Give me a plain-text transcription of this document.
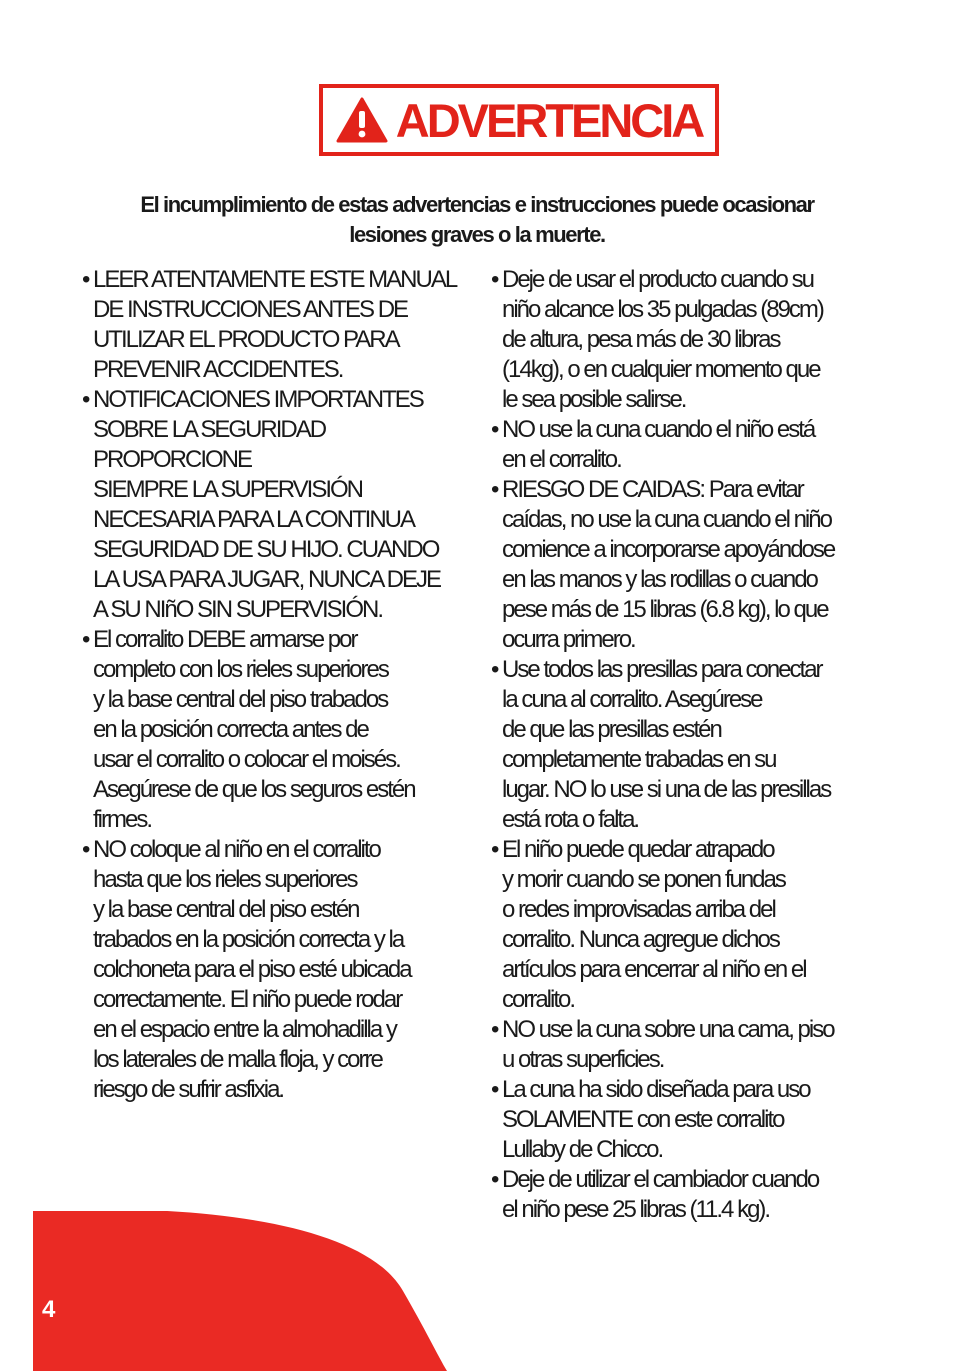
ADVERTENCIA
El incumplimiento de estas advertencias e instrucciones puede ocasionar
lesiones graves o la muerte.
• LEER ATENTAMENTE ESTE MANUAL
DE INSTRUCCIONES ANTES DE
UTILIZAR EL PRODUCTO PARA
PREVENIR ACCIDENTES.
• NOTIFICACIONES IMPORTANTES
SOBRE LA SEGURIDAD
PROPORCIONE
SIEMPRE LA SUPERVISIÓN
NECESARIA PARA LA CONTINUA
SEGURIDAD DE SU HIJO. CUANDO
LA USA PARA JUGAR, NUNCA DEJE
A SU NIñO SIN SUPERVISIÓN.
• El corralito DEBE armarse por
completo con los rieles superiores
y la base central del piso trabados
en la posición correcta antes de
usar el corralito o colocar el moisés.
Asegúrese de que los seguros estén
firmes.
• NO coloque al niño en el corralito
hasta que los rieles superiores
y la base central del piso estén
trabados en la posición correcta y la
colchoneta para el piso esté ubicada
correctamente. El niño puede rodar
en el espacio entre la almohadilla y
los laterales de malla floja, y corre
riesgo de sufrir asfixia.
• Deje de usar el producto cuando su
niño alcance los 35 pulgadas (89cm)
de altura, pesa más de 30 libras
(14kg), o en cualquier momento que
le sea posible salirse.
• NO use la cuna cuando el niño está
en el corralito.
• RIESGO DE CAIDAS: Para evitar
caídas, no use la cuna cuando el niño
comience a incorporarse apoyándose
en las manos y las rodillas o cuando
pese más de 15 libras (6.8 kg), lo que
ocurra primero.
• Use todos las presillas para conectar
la cuna al corralito. Asegúrese
de que las presillas estén
completamente trabadas en su
lugar. NO lo use si una de las presillas
está rota o falta.
• El niño puede quedar atrapado
y morir cuando se ponen fundas
o redes improvisadas arriba del
corralito. Nunca agregue dichos
artículos para encerrar al niño en el
corralito.
• NO use la cuna sobre una cama, piso
u otras superficies.
• La cuna ha sido diseñada para uso
SOLAMENTE con este corralito
Lullaby de Chicco.
• Deje de utilizar el cambiador cuando
el niño pese 25 libras (11.4 kg).
4
